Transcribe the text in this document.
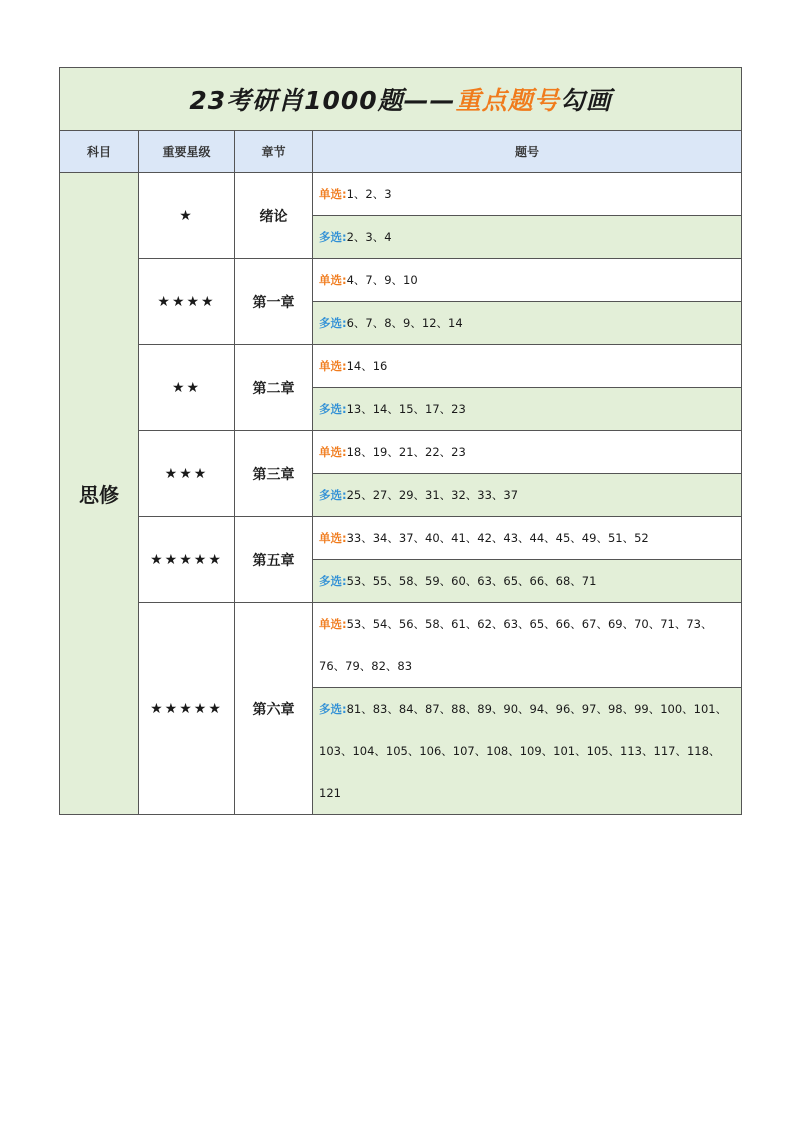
23考研肖1000题——重点题号勾画			
科目	重要星级	章节	题号
思修	★	绪论	单选:1、2、3
			多选:2、3、4
	★★★★	第一章	单选:4、7、9、10
			多选:6、7、8、9、12、14
	★★	第二章	单选:14、16
			多选:13、14、15、17、23
	★★★	第三章	单选:18、19、21、22、23
			多选:25、27、29、31、32、33、37
	★★★★★	第五章	单选:33、34、37、40、41、42、43、44、45、49、51、52
			多选:53、55、58、59、60、63、65、66、68、71
	★★★★★	第六章	单选:53、54、56、58、61、62、63、65、66、67、69、70、71、73、76、79、82、83
			多选:81、83、84、87、88、89、90、94、96、97、98、99、100、101、103、104、105、106、107、108、109、101、105、113、117、118、121
